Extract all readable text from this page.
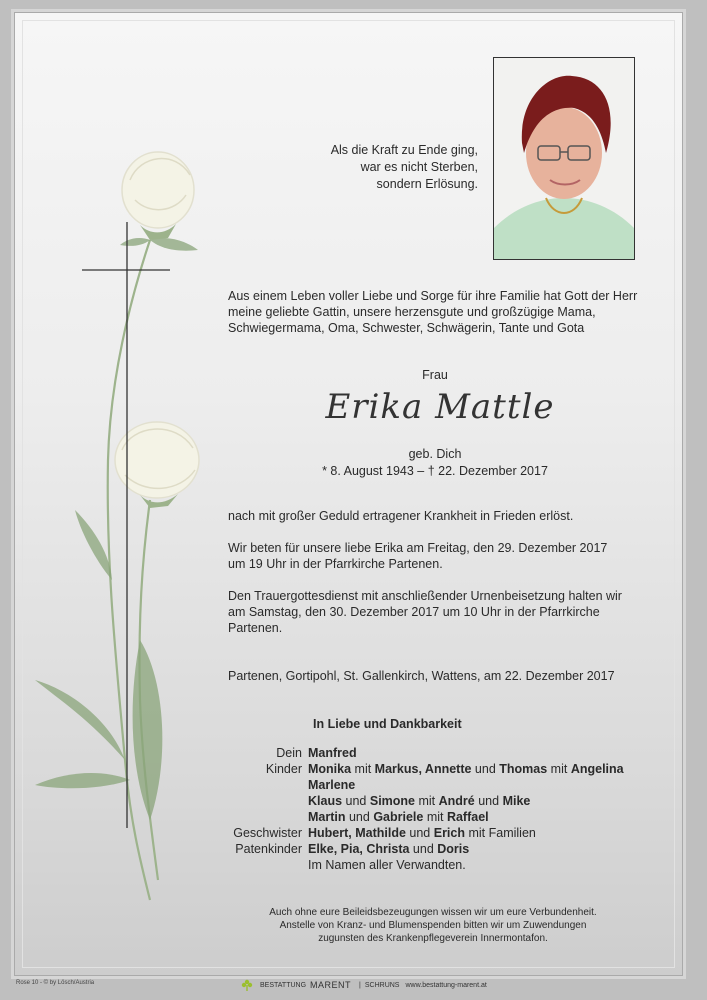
Als die Kraft zu Ende ging,
war es nicht Sterben,
sondern Erlösung.
Aus einem Leben voller Liebe und Sorge für ihre Familie hat Gott der Herr
meine geliebte Gattin, unsere herzensgute und großzügige Mama,
Schwiegermama, Oma, Schwester, Schwägerin, Tante und Gota
Frau
Erika Mattle
geb. Dich
* 8. August 1943 – † 22. Dezember 2017
nach mit großer Geduld ertragener Krankheit in Frieden erlöst.
Wir beten für unsere liebe Erika am Freitag, den 29. Dezember 2017
um 19 Uhr in der Pfarrkirche Partenen.
Den Trauergottesdienst mit anschließender Urnenbeisetzung halten wir
am Samstag, den 30. Dezember 2017 um 10 Uhr in der Pfarrkirche
Partenen.
Partenen, Gortipohl, St. Gallenkirch, Wattens, am 22. Dezember 2017
In Liebe und Dankbarkeit
Dein Manfred
Kinder Monika mit Markus, Annette und Thomas mit Angelina
Marlene
Klaus und Simone mit André und Mike
Martin und Gabriele mit Raffael
Geschwister Hubert, Mathilde und Erich mit Familien
Patenkinder Elke, Pia, Christa und Doris
Im Namen aller Verwandten.
Auch ohne eure Beileidsbezeugungen wissen wir um eure Verbundenheit.
Anstelle von Kranz- und Blumenspenden bitten wir um Zuwendungen
zugunsten des Krankenpflegeverein Innermontafon.
Rose 10 - © by Lösch/Austria	BESTATTUNG MARENT | SCHRUNS www.bestattung-marent.at
